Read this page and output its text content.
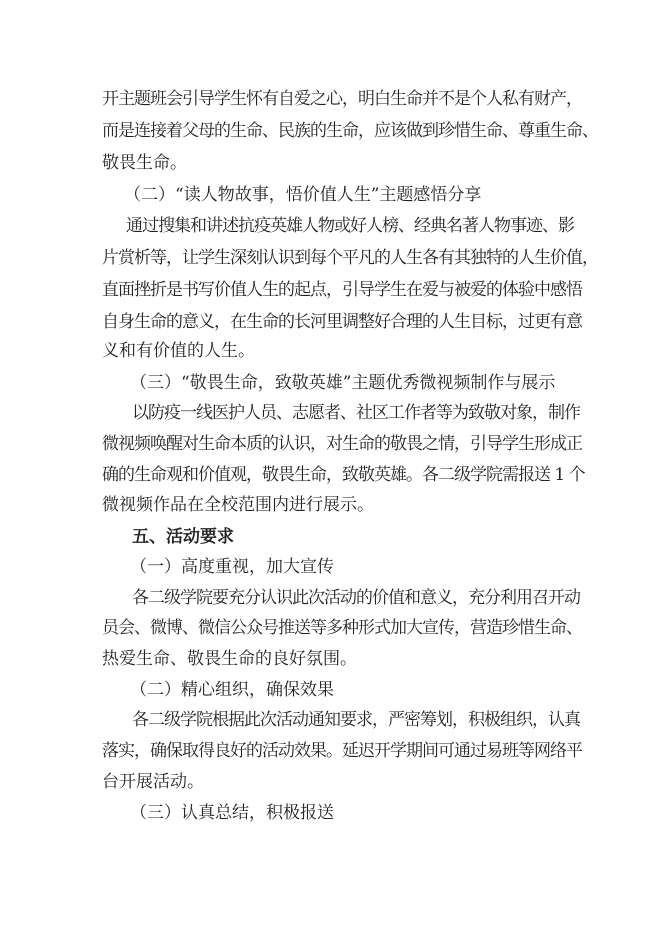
开主题班会引导学生怀有自爱之心，明白生命并不是个人私有财产，
而是连接着父母的生命、民族的生命，应该做到珍惜生命、尊重生命、
敬畏生命。
（二）“读人物故事，悟价值人生”主题感悟分享
通过搜集和讲述抗疫英雄人物或好人榜、经典名著人物事迹、影
片赏析等，让学生深刻认识到每个平凡的人生各有其独特的人生价值，
直面挫折是书写价值人生的起点，引导学生在爱与被爱的体验中感悟
自身生命的意义，在生命的长河里调整好合理的人生目标，过更有意
义和有价值的人生。
（三）“敬畏生命，致敬英雄”主题优秀微视频制作与展示
以防疫一线医护人员、志愿者、社区工作者等为致敬对象，制作
微视频唤醒对生命本质的认识，对生命的敬畏之情，引导学生形成正
确的生命观和价值观，敬畏生命，致敬英雄。各二级学院需报送 1 个
微视频作品在全校范围内进行展示。
五、活动要求
（一）高度重视，加大宣传
各二级学院要充分认识此次活动的价值和意义，充分利用召开动
员会、微博、微信公众号推送等多种形式加大宣传，营造珍惜生命、
热爱生命、敬畏生命的良好氛围。
（二）精心组织，确保效果
各二级学院根据此次活动通知要求，严密筹划，积极组织，认真
落实，确保取得良好的活动效果。延迟开学期间可通过易班等网络平
台开展活动。
（三）认真总结，积极报送
